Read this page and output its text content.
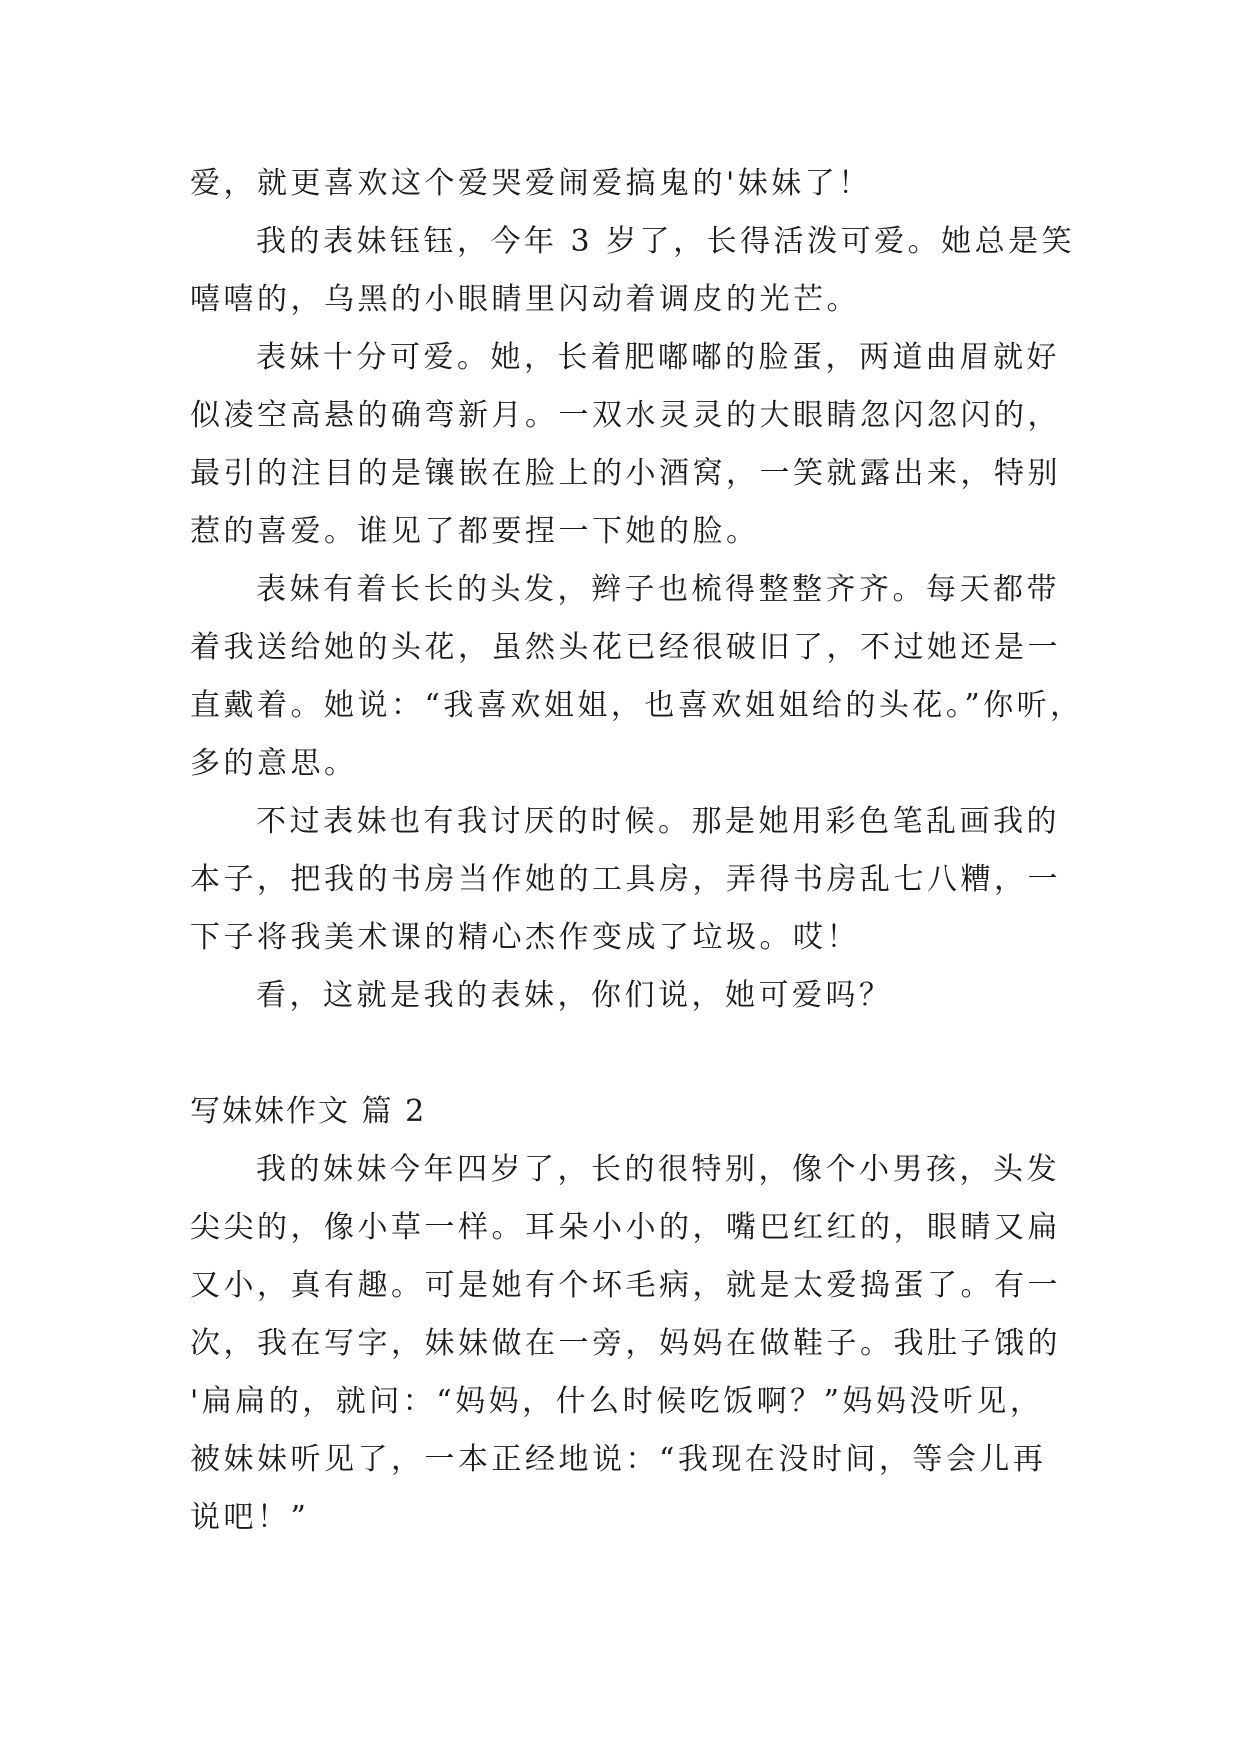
爱，就更喜欢这个爱哭爱闹爱搞鬼的'妹妹了！
我的表妹钰钰，今年 3 岁了，长得活泼可爱。她总是笑
嘻嘻的，乌黑的小眼睛里闪动着调皮的光芒。
表妹十分可爱。她，长着肥嘟嘟的脸蛋，两道曲眉就好
似凌空高悬的确弯新月。一双水灵灵的大眼睛忽闪忽闪的，
最引的注目的是镶嵌在脸上的小酒窝，一笑就露出来，特别
惹的喜爱。谁见了都要捏一下她的脸。
表妹有着长长的头发，辫子也梳得整整齐齐。每天都带
着我送给她的头花，虽然头花已经很破旧了，不过她还是一
直戴着。她说：“我喜欢姐姐，也喜欢姐姐给的头花。”你听，
多的意思。
不过表妹也有我讨厌的时候。那是她用彩色笔乱画我的
本子，把我的书房当作她的工具房，弄得书房乱七八糟，一
下子将我美术课的精心杰作变成了垃圾。哎！
看，这就是我的表妹，你们说，她可爱吗？
写妹妹作文 篇 2
我的妹妹今年四岁了，长的很特别，像个小男孩，头发
尖尖的，像小草一样。耳朵小小的，嘴巴红红的，眼睛又扁
又小，真有趣。可是她有个坏毛病，就是太爱捣蛋了。有一
次，我在写字，妹妹做在一旁，妈妈在做鞋子。我肚子饿的
'扁扁的，就问：“妈妈，什么时候吃饭啊？”妈妈没听见，
被妹妹听见了，一本正经地说：“我现在没时间，等会儿再
说吧！”
